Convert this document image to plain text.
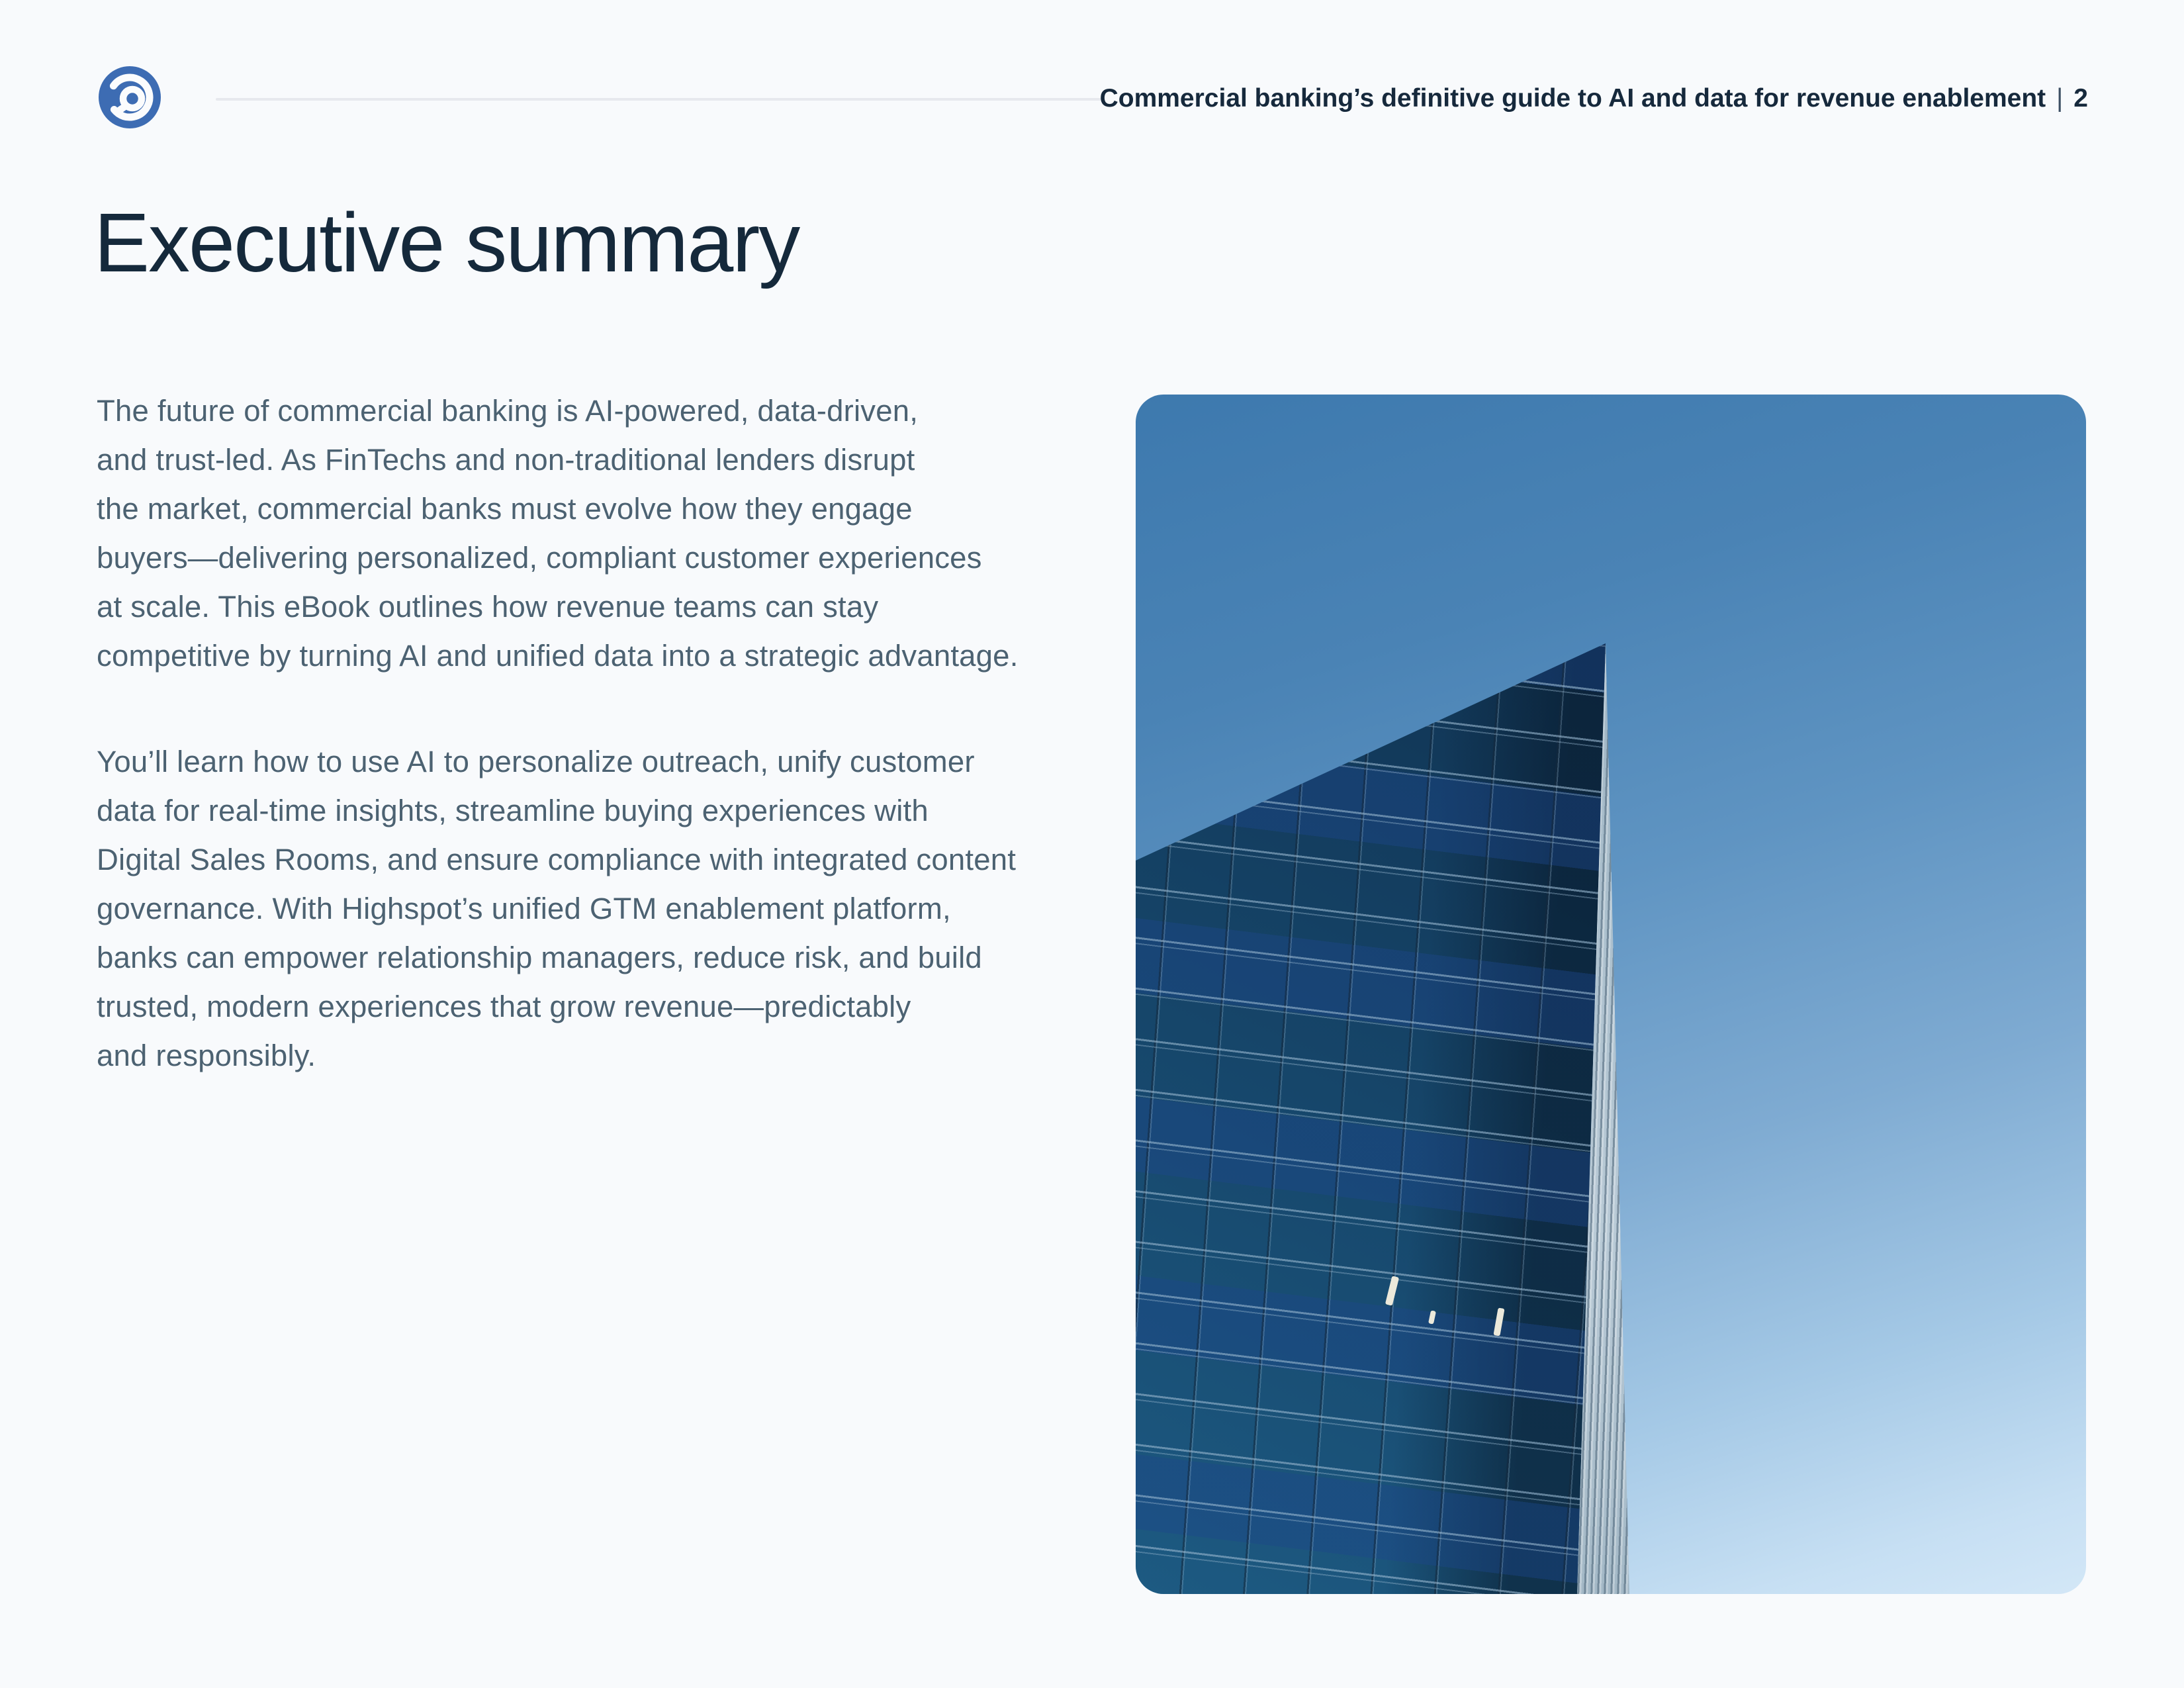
Commercial banking’s definitive guide to AI and data for revenue enablement | 2
Executive summary
The future of commercial banking is AI-powered, data-driven,
and trust-led. As FinTechs and non-traditional lenders disrupt
the market, commercial banks must evolve how they engage
buyers—delivering personalized, compliant customer experiences
at scale. This eBook outlines how revenue teams can stay
competitive by turning AI and unified data into a strategic advantage.
You’ll learn how to use AI to personalize outreach, unify customer
data for real-time insights, streamline buying experiences with
Digital Sales Rooms, and ensure compliance with integrated content
governance. With Highspot’s unified GTM enablement platform,
banks can empower relationship managers, reduce risk, and build
trusted, modern experiences that grow revenue—predictably
and responsibly.
